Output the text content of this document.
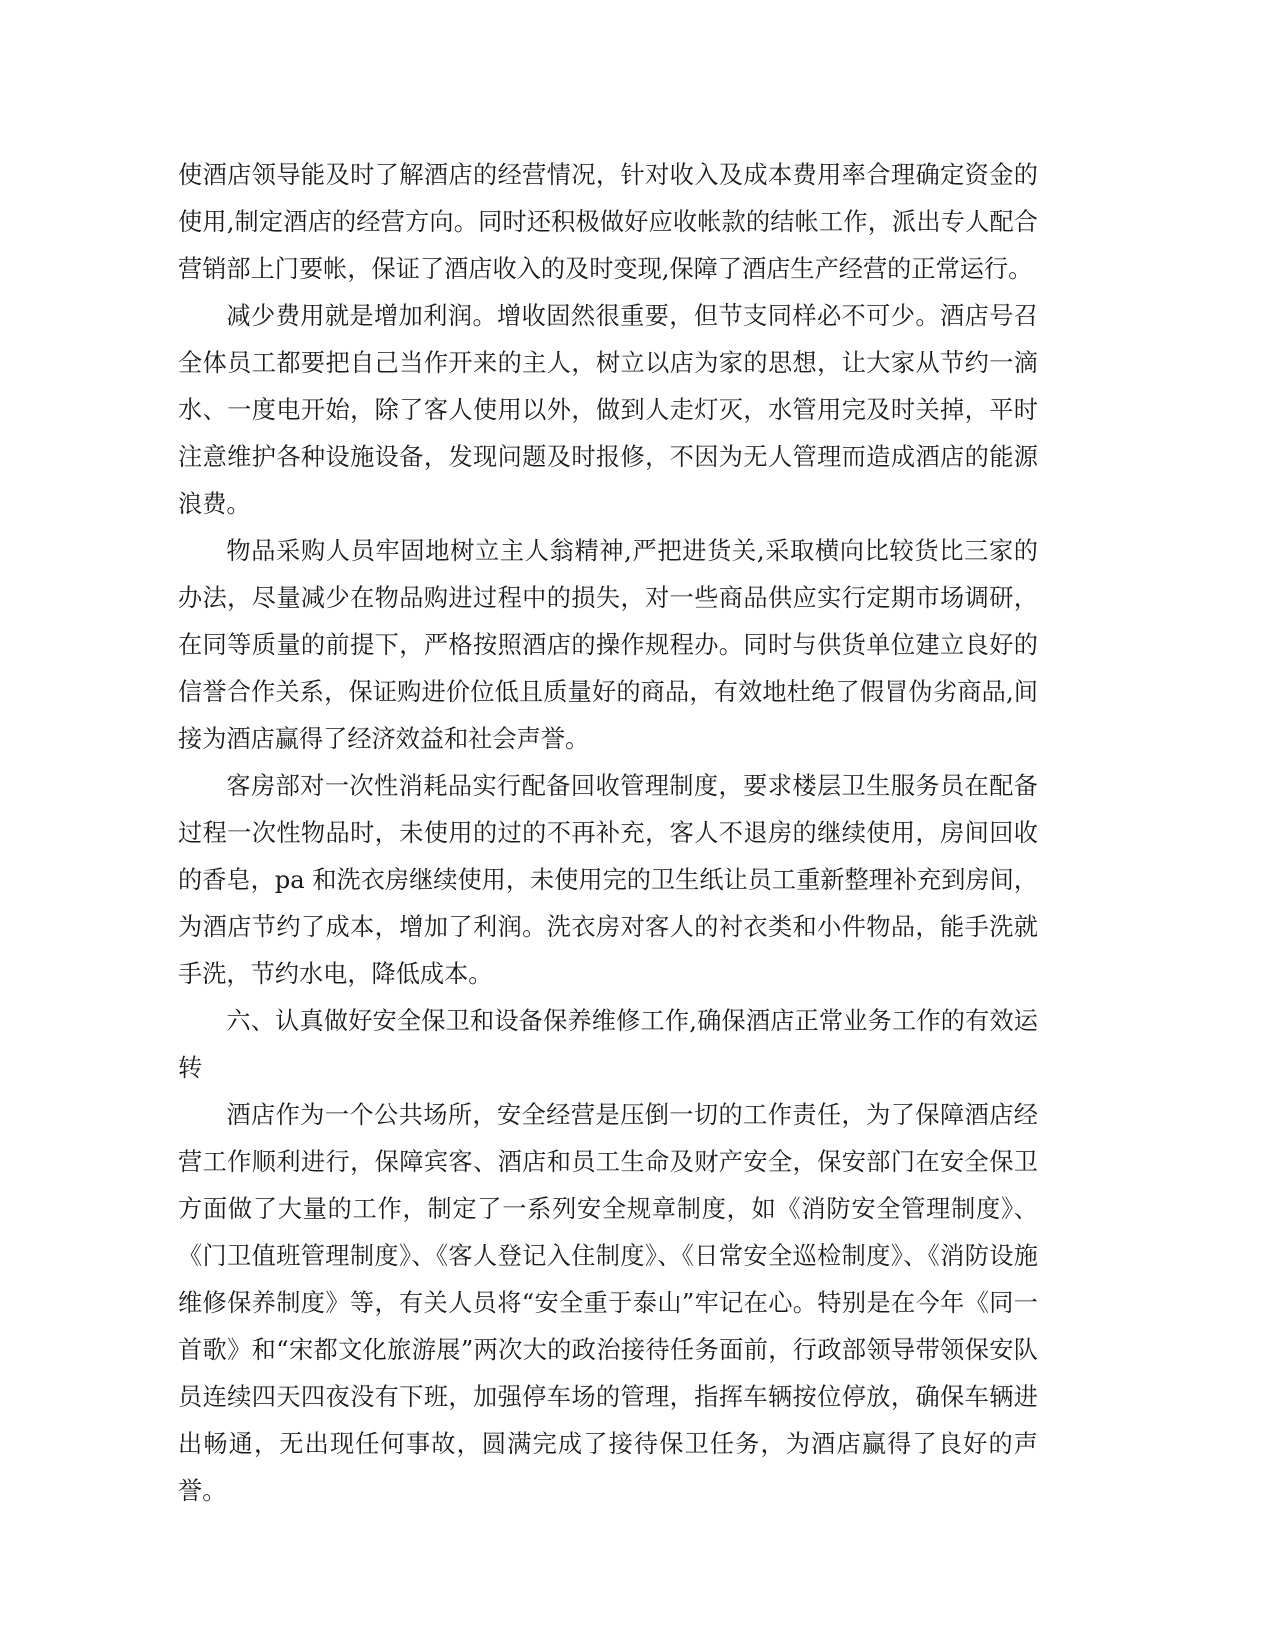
使酒店领导能及时了解酒店的经营情况，针对收入及成本费用率合理确定资金的使用,制定酒店的经营方向。同时还积极做好应收帐款的结帐工作，派出专人配合营销部上门要帐，保证了酒店收入的及时变现,保障了酒店生产经营的正常运行。

减少费用就是增加利润。增收固然很重要，但节支同样必不可少。酒店号召全体员工都要把自己当作开来的主人，树立以店为家的思想，让大家从节约一滴水、一度电开始，除了客人使用以外，做到人走灯灭，水管用完及时关掉，平时注意维护各种设施设备，发现问题及时报修，不因为无人管理而造成酒店的能源浪费。

物品采购人员牢固地树立主人翁精神,严把进货关,采取横向比较货比三家的办法，尽量减少在物品购进过程中的损失，对一些商品供应实行定期市场调研，在同等质量的前提下，严格按照酒店的操作规程办。同时与供货单位建立良好的信誉合作关系，保证购进价位低且质量好的商品，有效地杜绝了假冒伪劣商品,间接为酒店赢得了经济效益和社会声誉。

客房部对一次性消耗品实行配备回收管理制度，要求楼层卫生服务员在配备过程一次性物品时，未使用的过的不再补充，客人不退房的继续使用，房间回收的香皂，pa 和洗衣房继续使用，未使用完的卫生纸让员工重新整理补充到房间，为酒店节约了成本，增加了利润。洗衣房对客人的衬衣类和小件物品，能手洗就手洗，节约水电，降低成本。

六、认真做好安全保卫和设备保养维修工作,确保酒店正常业务工作的有效运转

酒店作为一个公共场所，安全经营是压倒一切的工作责任，为了保障酒店经营工作顺利进行，保障宾客、酒店和员工生命及财产安全，保安部门在安全保卫方面做了大量的工作，制定了一系列安全规章制度，如《消防安全管理制度》、《门卫值班管理制度》、《客人登记入住制度》、《日常安全巡检制度》、《消防设施维修保养制度》等，有关人员将“安全重于泰山”牢记在心。特别是在今年《同一首歌》和“宋都文化旅游展”两次大的政治接待任务面前，行政部领导带领保安队员连续四天四夜没有下班，加强停车场的管理，指挥车辆按位停放，确保车辆进出畅通，无出现任何事故，圆满完成了接待保卫任务，为酒店赢得了良好的声誉。
